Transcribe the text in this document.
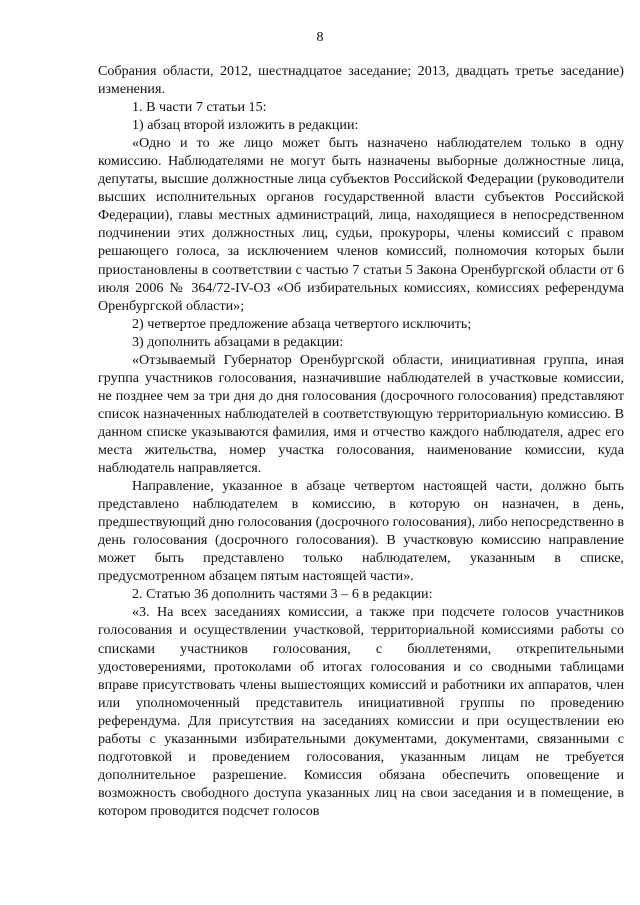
8

Собрания области, 2012, шестнадцатое заседание; 2013, двадцать третье заседание) изменения.

1. В части 7 статьи 15:

1) абзац второй изложить в редакции:

«Одно и то же лицо может быть назначено наблюдателем только в одну комиссию. Наблюдателями не могут быть назначены выборные должностные лица, депутаты, высшие должностные лица субъектов Российской Федерации (руководители высших исполнительных органов государственной власти субъектов Российской Федерации), главы местных администраций, лица, находящиеся в непосредственном подчинении этих должностных лиц, судьи, прокуроры, члены комиссий с правом решающего голоса, за исключением членов комиссий, полномочия которых были приостановлены в соответствии с частью 7 статьи 5 Закона Оренбургской области от 6 июля 2006 № 364/72-IV-ОЗ «Об избирательных комиссиях, комиссиях референдума Оренбургской области»;

2) четвертое предложение абзаца четвертого исключить;

3) дополнить абзацами в редакции:

«Отзываемый Губернатор Оренбургской области, инициативная группа, иная группа участников голосования, назначившие наблюдателей в участковые комиссии, не позднее чем за три дня до дня голосования (досрочного голосования) представляют список назначенных наблюдателей в соответствующую территориальную комиссию. В данном списке указываются фамилия, имя и отчество каждого наблюдателя, адрес его места жительства, номер участка голосования, наименование комиссии, куда наблюдатель направляется.

Направление, указанное в абзаце четвертом настоящей части, должно быть представлено наблюдателем в комиссию, в которую он назначен, в день, предшествующий дню голосования (досрочного голосования), либо непосредственно в день голосования (досрочного голосования). В участковую комиссию направление может быть представлено только наблюдателем, указанным в списке, предусмотренном абзацем пятым настоящей части».

2. Статью 36 дополнить частями 3 – 6 в редакции:

«3. На всех заседаниях комиссии, а также при подсчете голосов участников голосования и осуществлении участковой, территориальной комиссиями работы со списками участников голосования, с бюллетенями, открепительными удостоверениями, протоколами об итогах голосования и со сводными таблицами вправе присутствовать члены вышестоящих комиссий и работники их аппаратов, член или уполномоченный представитель инициативной группы по проведению референдума. Для присутствия на заседаниях комиссии и при осуществлении ею работы с указанными избирательными документами, документами, связанными с подготовкой и проведением голосования, указанным лицам не требуется дополнительное разрешение. Комиссия обязана обеспечить оповещение и возможность свободного доступа указанных лиц на свои заседания и в помещение, в котором проводится подсчет голосов
